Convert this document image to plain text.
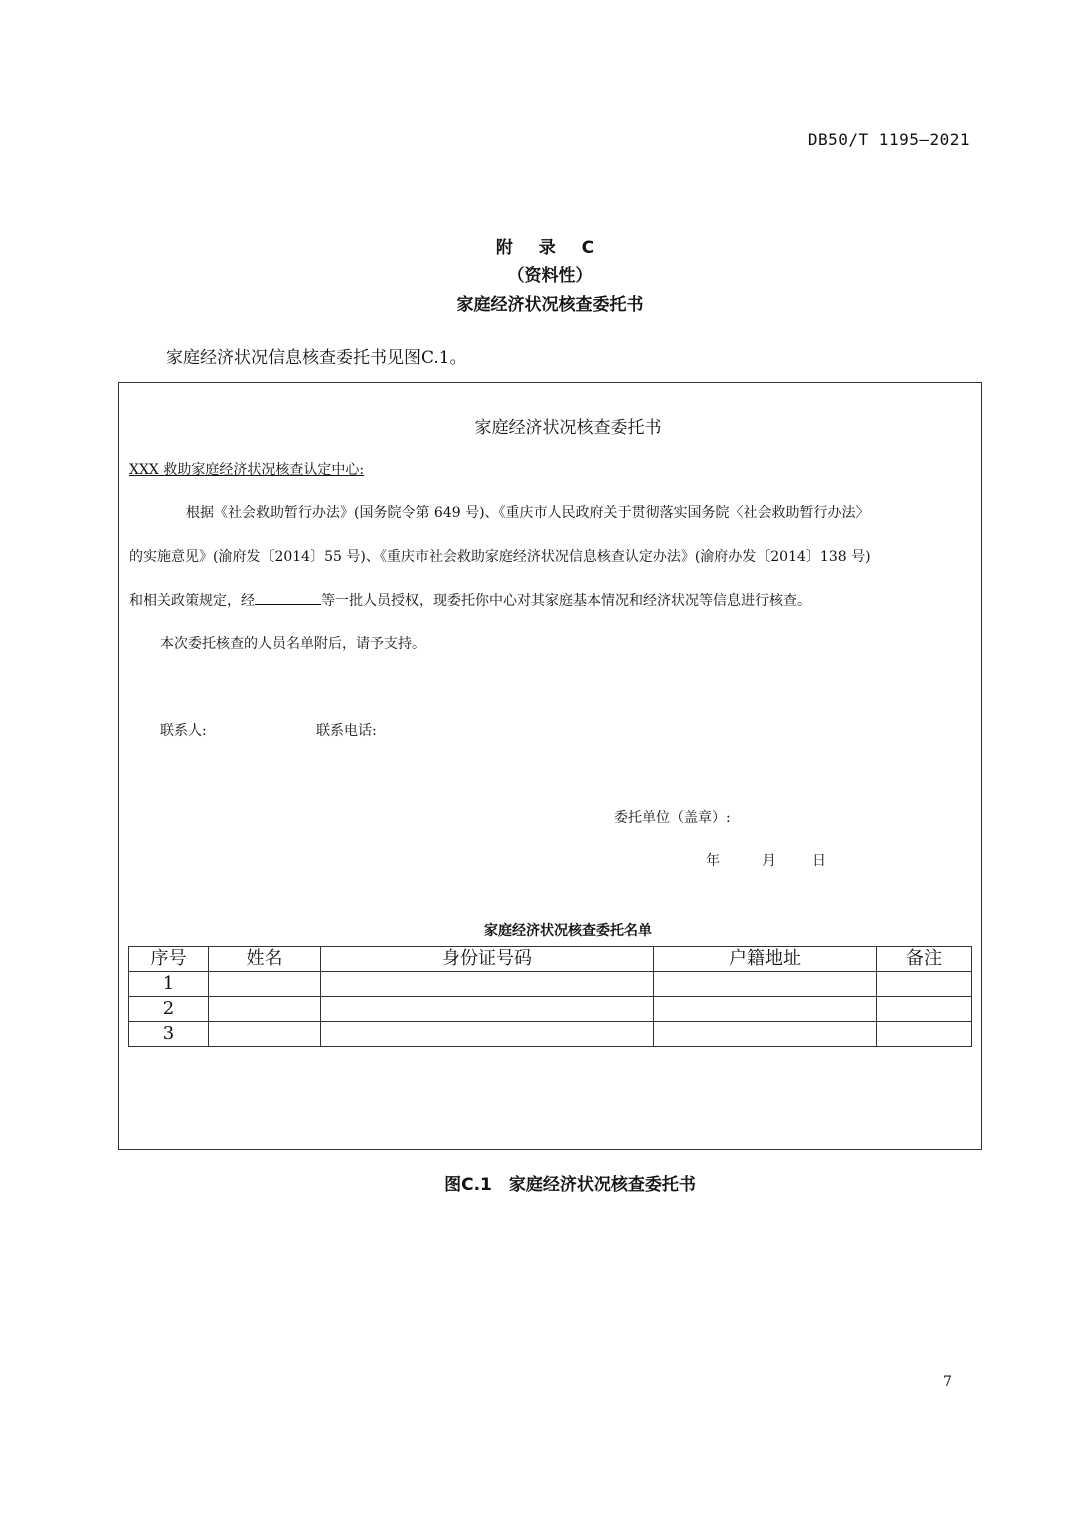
DB50/T 1195—2021
附 录 C
（资料性）
家庭经济状况核查委托书
家庭经济状况信息核查委托书见图C.1。
家庭经济状况核查委托书
XXX 救助家庭经济状况核查认定中心:
根据《社会救助暂行办法》(国务院令第 649 号)、《重庆市人民政府关于贯彻落实国务院〈社会救助暂行办法〉
的实施意见》(渝府发〔2014〕55 号)、《重庆市社会救助家庭经济状况信息核查认定办法》(渝府办发〔2014〕138 号)
和相关政策规定，经	等一批人员授权，现委托你中心对其家庭基本情况和经济状况等信息进行核查。
本次委托核查的人员名单附后，请予支持。
联系人:	联系电话:
委托单位（盖章）:
年	月	日
家庭经济状况核查委托名单
序号	姓名	身份证号码	户籍地址	备注
1				
2				
3				
图C.1　家庭经济状况核查委托书
7
